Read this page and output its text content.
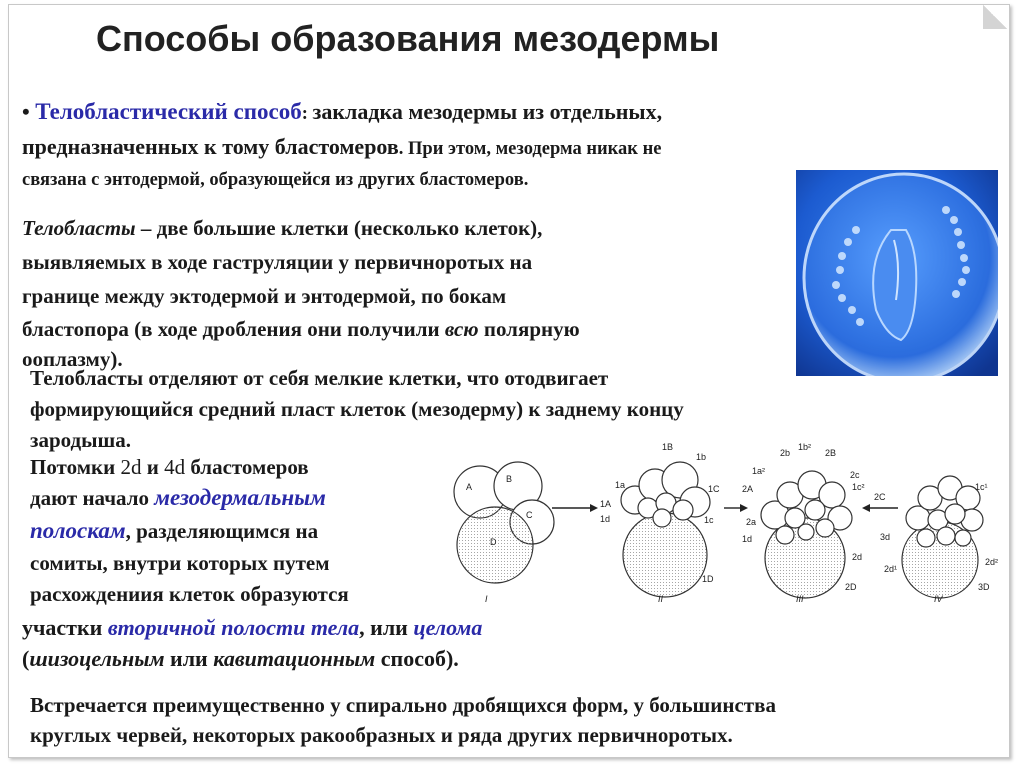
Способы образования мезодермы
• Телобластический способ: закладка мезодермы из отдельных,
предназначенных к тому бластомеров. При этом, мезодерма никак не
связана с энтодермой, образующейся из других бластомеров.
Телобласты – две большие клетки (несколько клеток),
выявляемых в ходе гаструляции у первичноротых на
границе между эктодермой и энтодермой, по бокам
бластопора (в ходе дробления они получили всю полярную
ооплазму).
Телобласты отделяют от себя мелкие клетки, что отодвигает
формирующийся средний пласт клеток (мезодерму) к заднему концу
зародыша.
Потомки 2d и 4d бластомеров
дают начало мезодермальным
полоскам, разделяющимся на
сомиты, внутри которых путем
расхождениия клеток образуются
участки вторичной полости тела, или целома
(шизоцельным или кавитационным способ).
A
B
C
D
I
1a
1A
1B
1b
1C
1c
1d
1D
II
1a²
2b
1b²
2B
2c
1c²
2A
2a
1d
2d
2D
III
2C
1c¹
3d
2d¹
2d²
3D
IV
Встречается преимущественно у спирально дробящихся форм, у большинства
круглых червей, некоторых ракообразных и ряда других первичноротых.
